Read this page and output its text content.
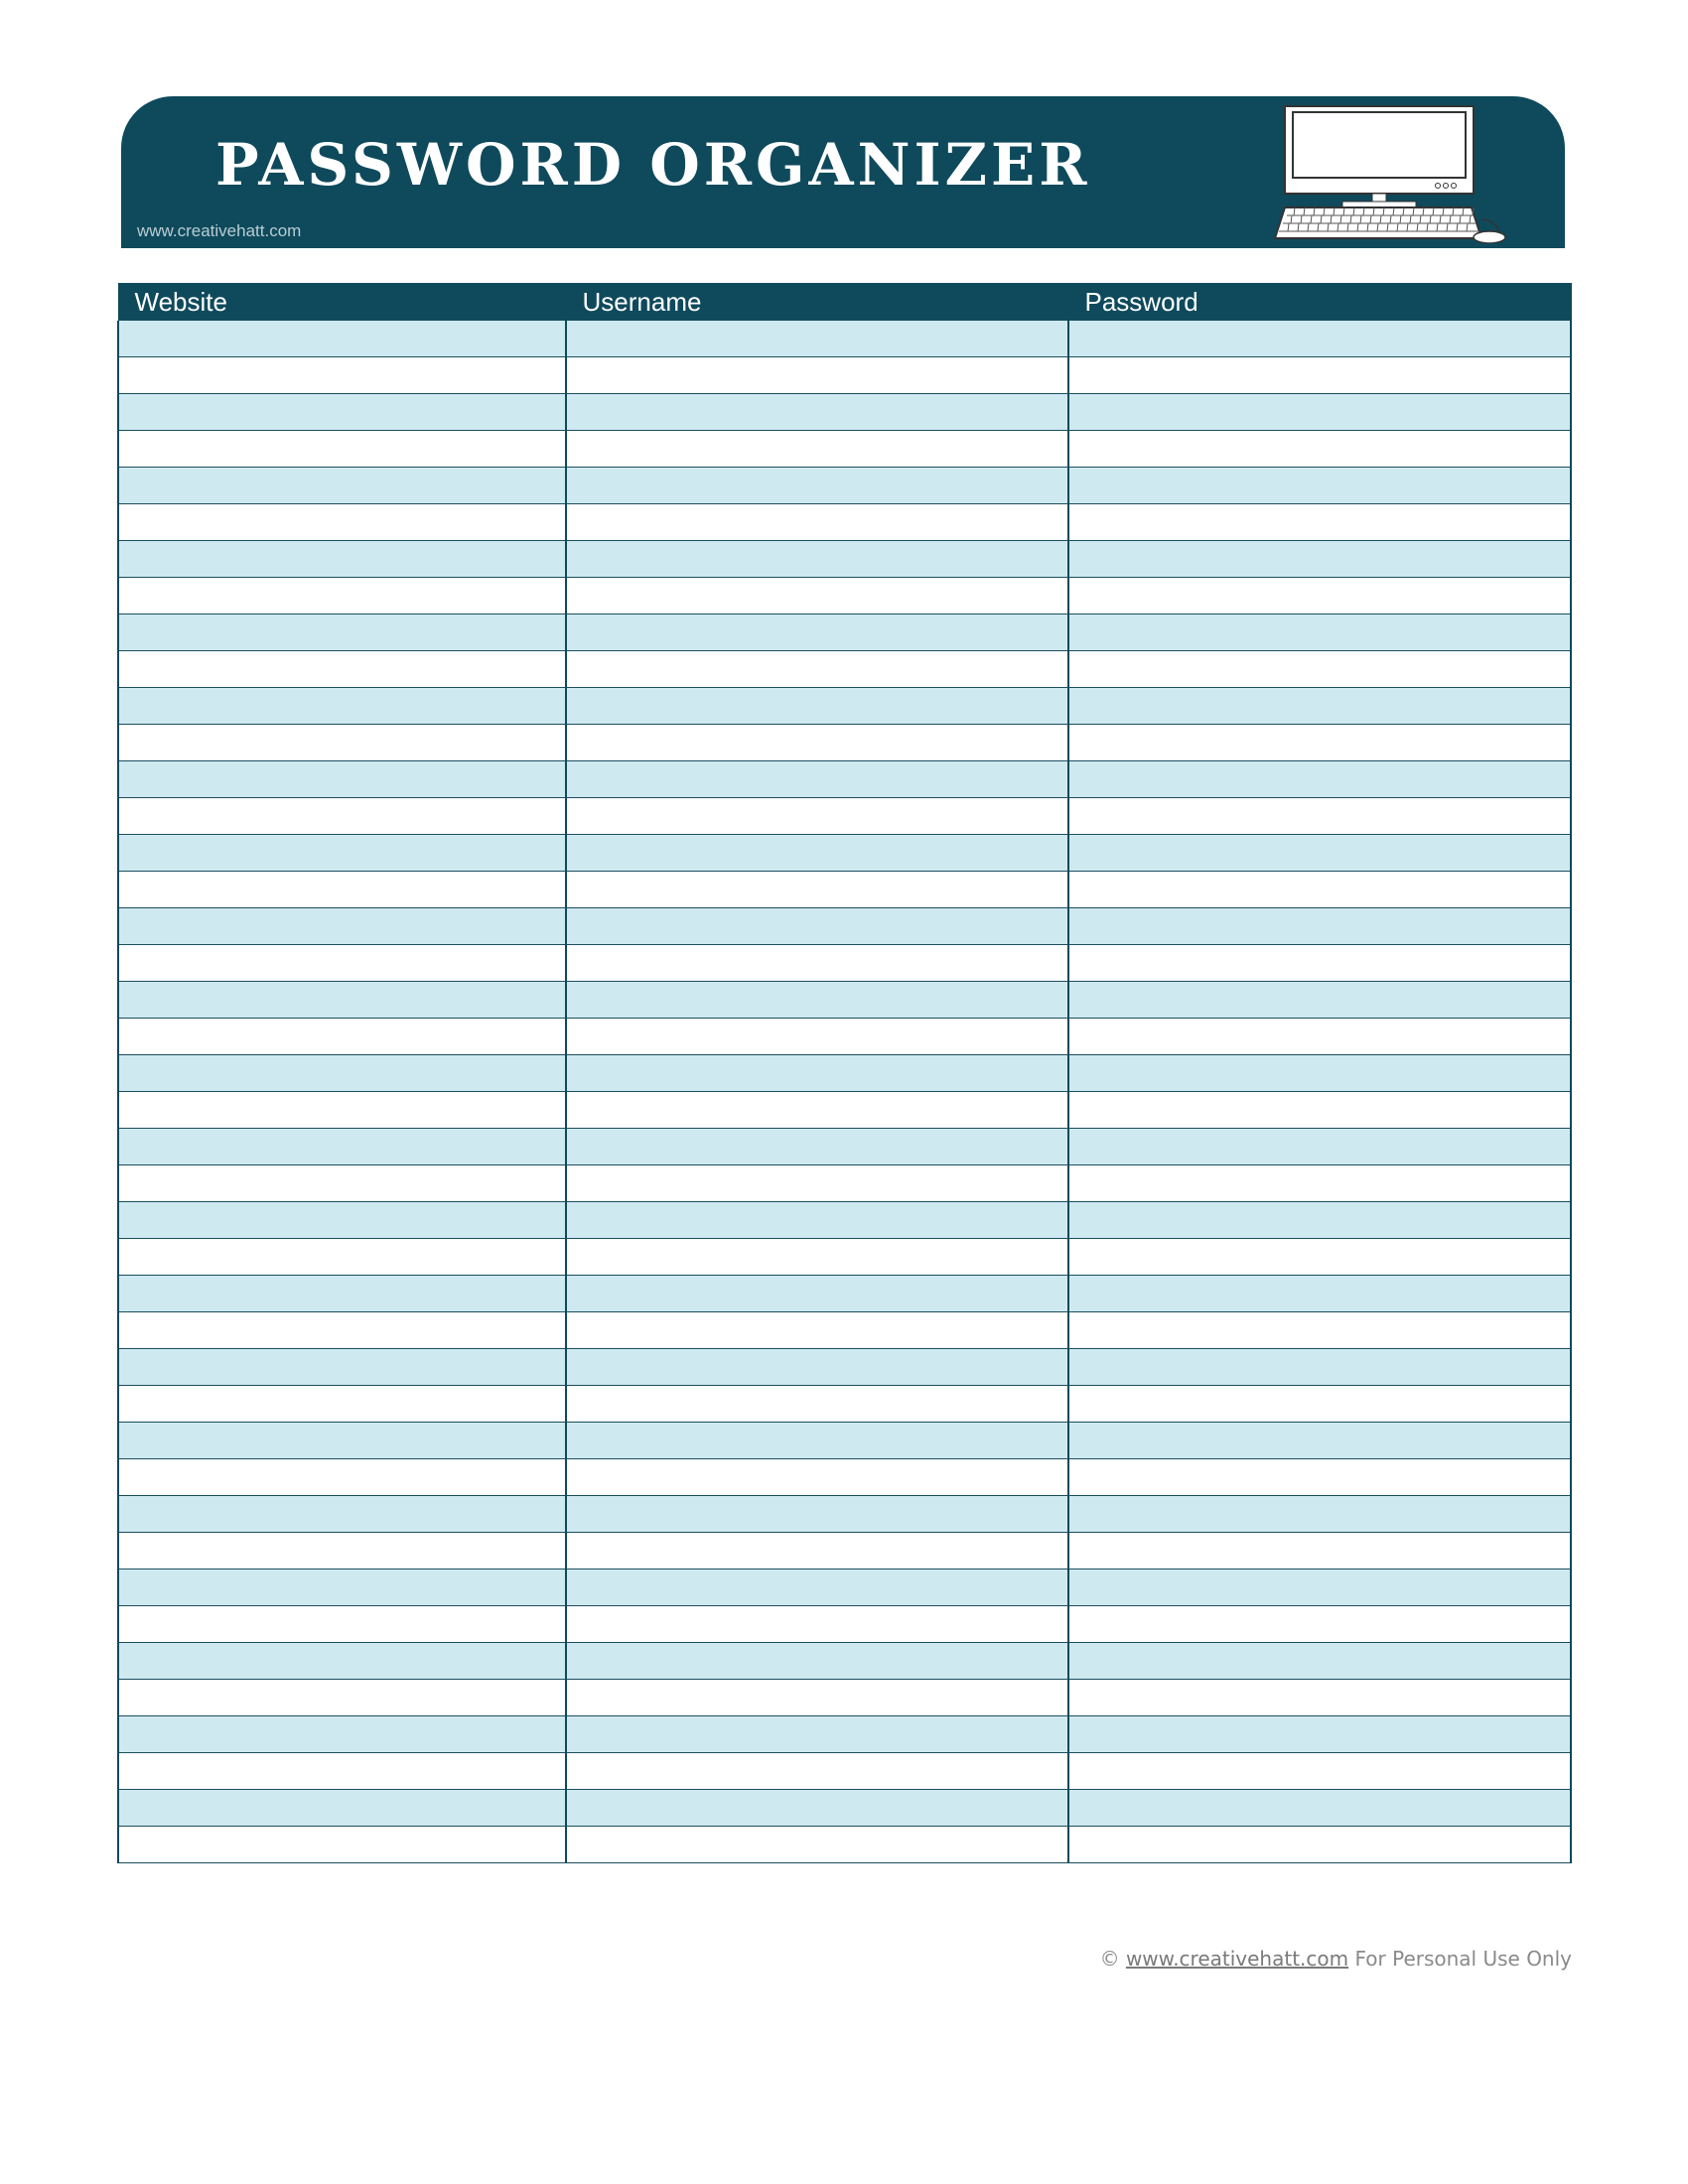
PASSWORD ORGANIZER
www.creativehatt.com
Website	Username	Password

© www.creativehatt.com For Personal Use Only
